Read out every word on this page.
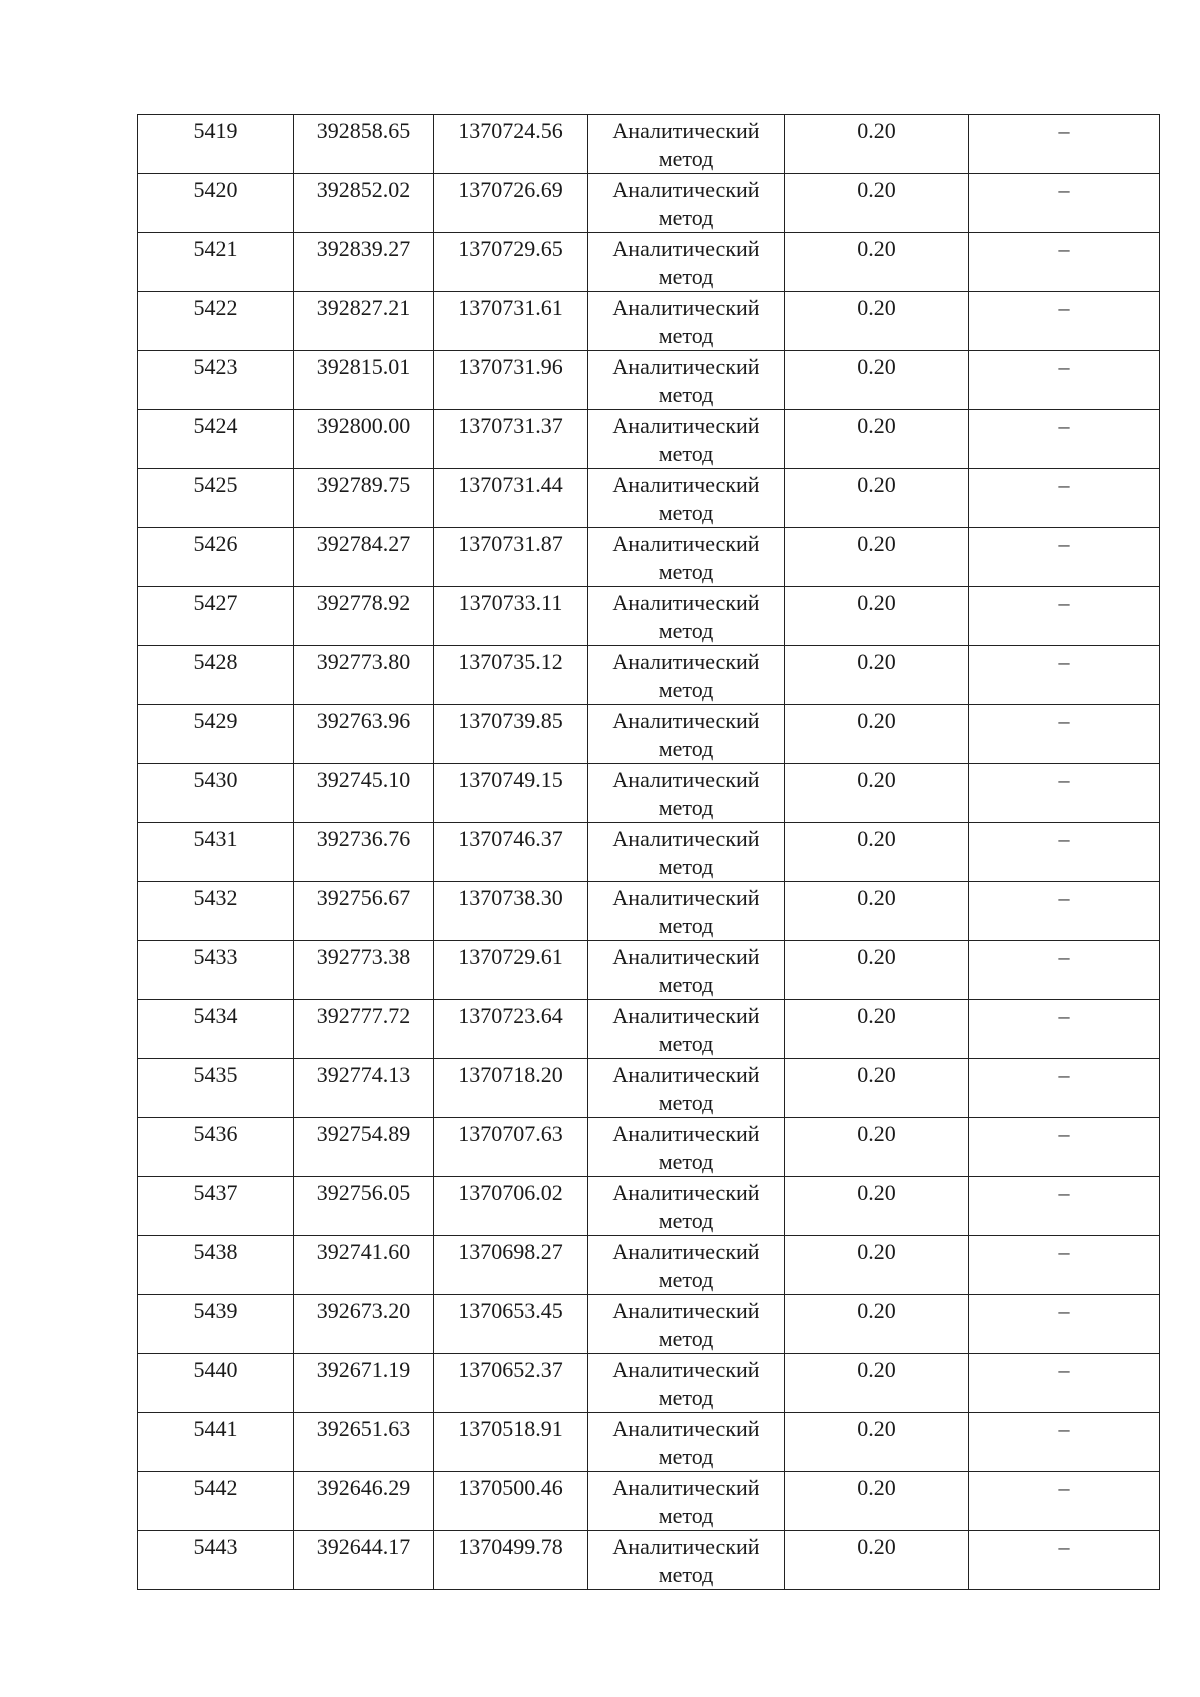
5419	392858.65	1370724.56	Аналитический метод	0.20	–
5420	392852.02	1370726.69	Аналитический метод	0.20	–
5421	392839.27	1370729.65	Аналитический метод	0.20	–
5422	392827.21	1370731.61	Аналитический метод	0.20	–
5423	392815.01	1370731.96	Аналитический метод	0.20	–
5424	392800.00	1370731.37	Аналитический метод	0.20	–
5425	392789.75	1370731.44	Аналитический метод	0.20	–
5426	392784.27	1370731.87	Аналитический метод	0.20	–
5427	392778.92	1370733.11	Аналитический метод	0.20	–
5428	392773.80	1370735.12	Аналитический метод	0.20	–
5429	392763.96	1370739.85	Аналитический метод	0.20	–
5430	392745.10	1370749.15	Аналитический метод	0.20	–
5431	392736.76	1370746.37	Аналитический метод	0.20	–
5432	392756.67	1370738.30	Аналитический метод	0.20	–
5433	392773.38	1370729.61	Аналитический метод	0.20	–
5434	392777.72	1370723.64	Аналитический метод	0.20	–
5435	392774.13	1370718.20	Аналитический метод	0.20	–
5436	392754.89	1370707.63	Аналитический метод	0.20	–
5437	392756.05	1370706.02	Аналитический метод	0.20	–
5438	392741.60	1370698.27	Аналитический метод	0.20	–
5439	392673.20	1370653.45	Аналитический метод	0.20	–
5440	392671.19	1370652.37	Аналитический метод	0.20	–
5441	392651.63	1370518.91	Аналитический метод	0.20	–
5442	392646.29	1370500.46	Аналитический метод	0.20	–
5443	392644.17	1370499.78	Аналитический метод	0.20	–
